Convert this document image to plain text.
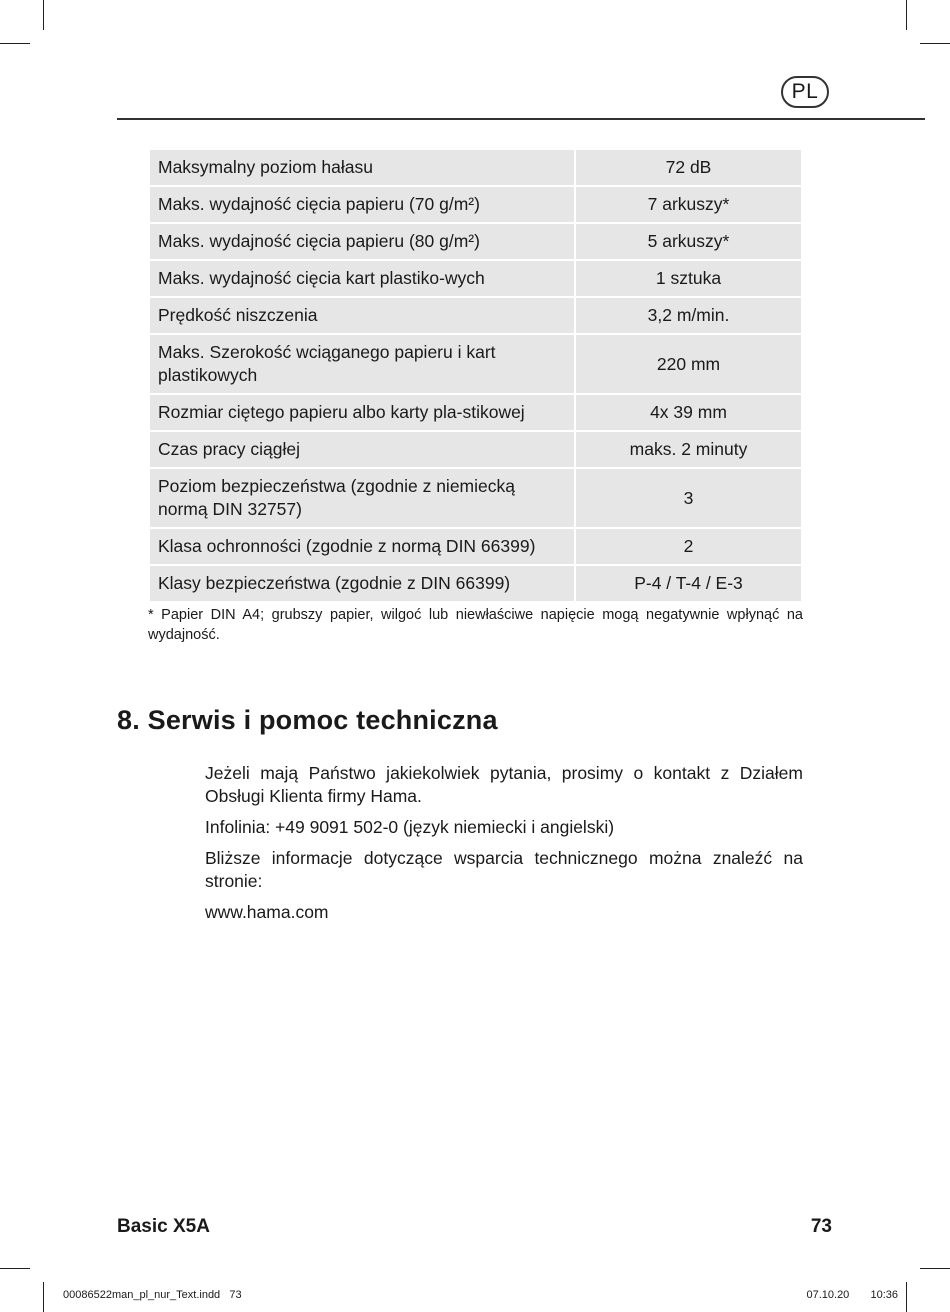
PL
Maksymalny poziom hałasu	72 dB
Maks. wydajność cięcia papieru (70 g/m²)	7 arkuszy*
Maks. wydajność cięcia papieru (80 g/m²)	5 arkuszy*
Maks. wydajność cięcia kart plastiko-wych	1 sztuka
Prędkość niszczenia	3,2 m/min.
Maks. Szerokość wciąganego papieru i kart plastikowych	220 mm
Rozmiar ciętego papieru albo karty pla-stikowej	4x 39 mm
Czas pracy ciągłej	maks. 2 minuty
Poziom bezpieczeństwa (zgodnie z niemiecką normą DIN 32757)	3
Klasa ochronności (zgodnie z normą DIN 66399)	2
Klasy bezpieczeństwa (zgodnie z DIN 66399)	P-4 / T-4 / E-3
* Papier DIN A4; grubszy papier, wilgoć lub niewłaściwe napięcie mogą negatywnie wpłynąć na wydajność.
8. Serwis i pomoc techniczna

Jeżeli mają Państwo jakiekolwiek pytania, prosimy o kontakt z Działem Obsługi Klienta firmy Hama.

Infolinia: +49 9091 502-0 (język niemiecki i angielski)

Bliższe informacje dotyczące wsparcia technicznego można znaleźć na stronie:

www.hama.com

Basic X5A	73
00086522man_pl_nur_Text.indd   73	07.10.20   10:36
